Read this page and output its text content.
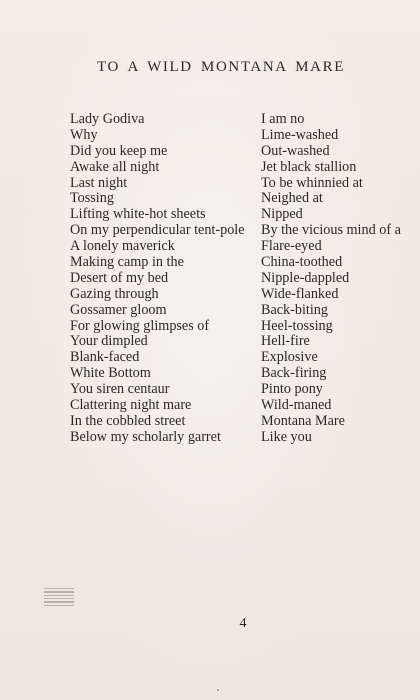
TO A WILD MONTANA MARE
Lady Godiva
Why
Did you keep me
Awake all night
Last night
Tossing
Lifting white-hot sheets
On my perpendicular tent-pole
A lonely maverick
Making camp in the
Desert of my bed
Gazing through
Gossamer gloom
For glowing glimpses of
Your dimpled
Blank-faced
White Bottom
You siren centaur
Clattering night mare
In the cobbled street
Below my scholarly garret
I am no
Lime-washed
Out-washed
Jet black stallion
To be whinnied at
Neighed at
Nipped
By the vicious mind of a
Flare-eyed
China-toothed
Nipple-dappled
Wide-flanked
Back-biting
Heel-tossing
Hell-fire
Explosive
Back-firing
Pinto pony
Wild-maned
Montana Mare
Like you
4
